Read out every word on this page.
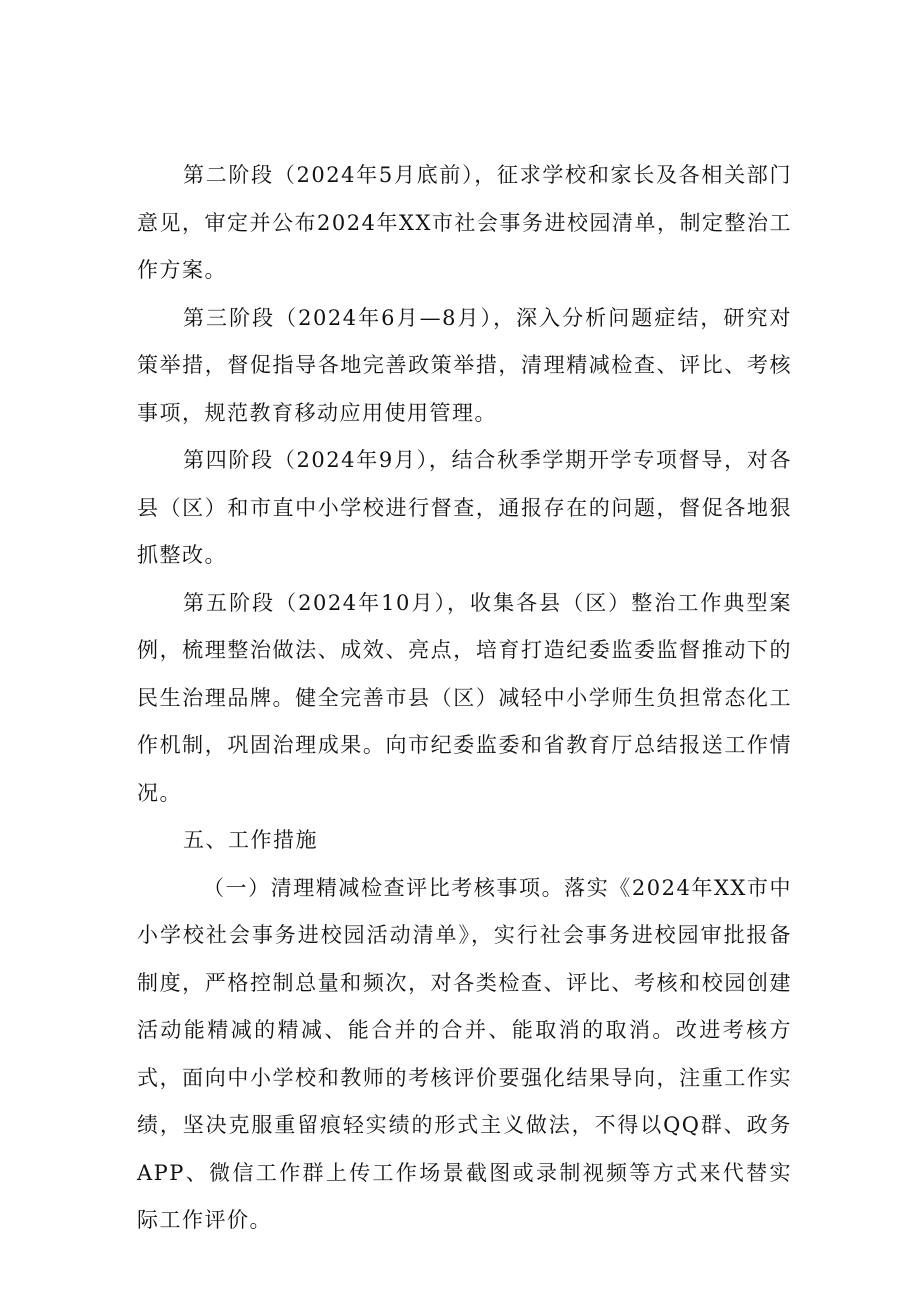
第二阶段（2024年5月底前），征求学校和家长及各相关部门意见，审定并公布2024年XX市社会事务进校园清单，制定整治工作方案。

第三阶段（2024年6月—8月），深入分析问题症结，研究对策举措，督促指导各地完善政策举措，清理精减检查、评比、考核事项，规范教育移动应用使用管理。

第四阶段（2024年9月），结合秋季学期开学专项督导，对各县（区）和市直中小学校进行督查，通报存在的问题，督促各地狠抓整改。

第五阶段（2024年10月），收集各县（区）整治工作典型案例，梳理整治做法、成效、亮点，培育打造纪委监委监督推动下的民生治理品牌。健全完善市县（区）减轻中小学师生负担常态化工作机制，巩固治理成果。向市纪委监委和省教育厅总结报送工作情况。

五、工作措施

（一）清理精减检查评比考核事项。落实《2024年XX市中小学校社会事务进校园活动清单》，实行社会事务进校园审批报备制度，严格控制总量和频次，对各类检查、评比、考核和校园创建活动能精减的精减、能合并的合并、能取消的取消。改进考核方式，面向中小学校和教师的考核评价要强化结果导向，注重工作实绩，坚决克服重留痕轻实绩的形式主义做法，不得以QQ群、政务APP、微信工作群上传工作场景截图或录制视频等方式来代替实际工作评价。
